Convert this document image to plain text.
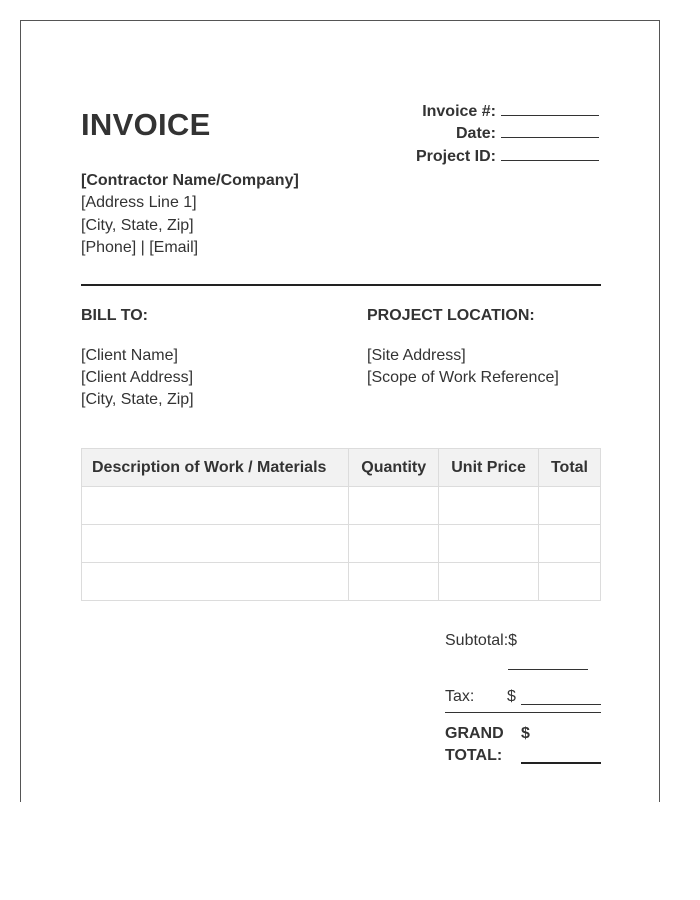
INVOICE	Invoice #:
Date:
Project ID:
[Contractor Name/Company]
[Address Line 1]
[City, State, Zip]
[Phone] | [Email]
BILL TO:	PROJECT LOCATION:
[Client Name]
[Client Address]
[City, State, Zip]
[Site Address]
[Scope of Work Reference]
Description of Work / Materials	Quantity	Unit Price	Total

Subtotal:$
Tax: $
GRAND
TOTAL:
$
